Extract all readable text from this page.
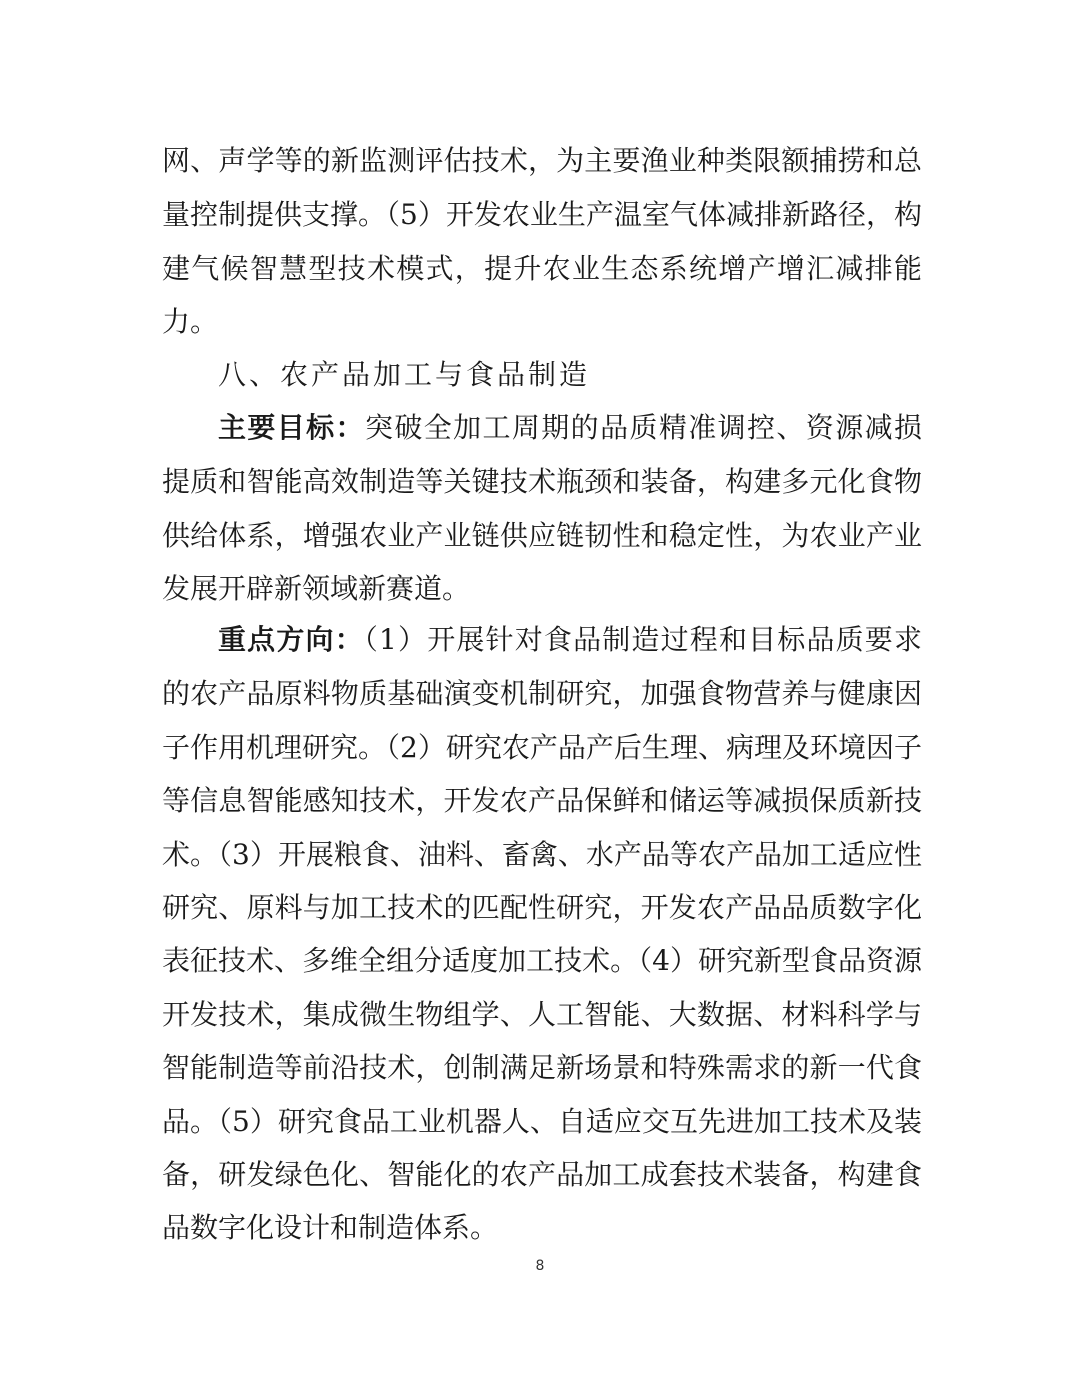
网、声学等的新监测评估技术，为主要渔业种类限额捕捞和总
量控制提供支撑。（5）开发农业生产温室气体减排新路径，构
建气候智慧型技术模式，提升农业生态系统增产增汇减排能
力。
八、农产品加工与食品制造
主要目标：突破全加工周期的品质精准调控、资源减损
提质和智能高效制造等关键技术瓶颈和装备，构建多元化食物
供给体系，增强农业产业链供应链韧性和稳定性，为农业产业
发展开辟新领域新赛道。
重点方向：（1）开展针对食品制造过程和目标品质要求
的农产品原料物质基础演变机制研究，加强食物营养与健康因
子作用机理研究。（2）研究农产品产后生理、病理及环境因子
等信息智能感知技术，开发农产品保鲜和储运等减损保质新技
术。（3）开展粮食、油料、畜禽、水产品等农产品加工适应性
研究、原料与加工技术的匹配性研究，开发农产品品质数字化
表征技术、多维全组分适度加工技术。（4）研究新型食品资源
开发技术，集成微生物组学、人工智能、大数据、材料科学与
智能制造等前沿技术，创制满足新场景和特殊需求的新一代食
品。（5）研究食品工业机器人、自适应交互先进加工技术及装
备，研发绿色化、智能化的农产品加工成套技术装备，构建食
品数字化设计和制造体系。
8
